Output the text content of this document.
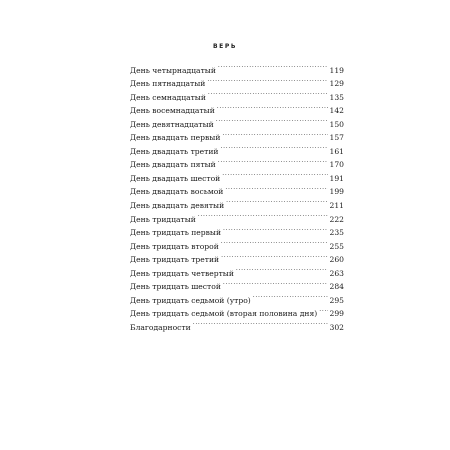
ВЕРЬ
День четырнадцатый . . .	119
День пятнадцатый . . .	129
День семнадцатый . . .	135
День восемнадцатый . . .	142
День девятнадцатый . . .	150
День двадцать первый . . .	157
День двадцать третий . . .	161
День двадцать пятый . . .	170
День двадцать шестой . . .	191
День двадцать восьмой . . .	199
День двадцать девятый . . .	211
День тридцатый . . .	222
День тридцать первый . . .	235
День тридцать второй . . .	255
День тридцать третий . . .	260
День тридцать четвертый . . .	263
День тридцать шестой . . .	284
День тридцать седьмой (утро) . . .	295
День тридцать седьмой (вторая половина дня) . . . 299
Благодарности . . .	302
